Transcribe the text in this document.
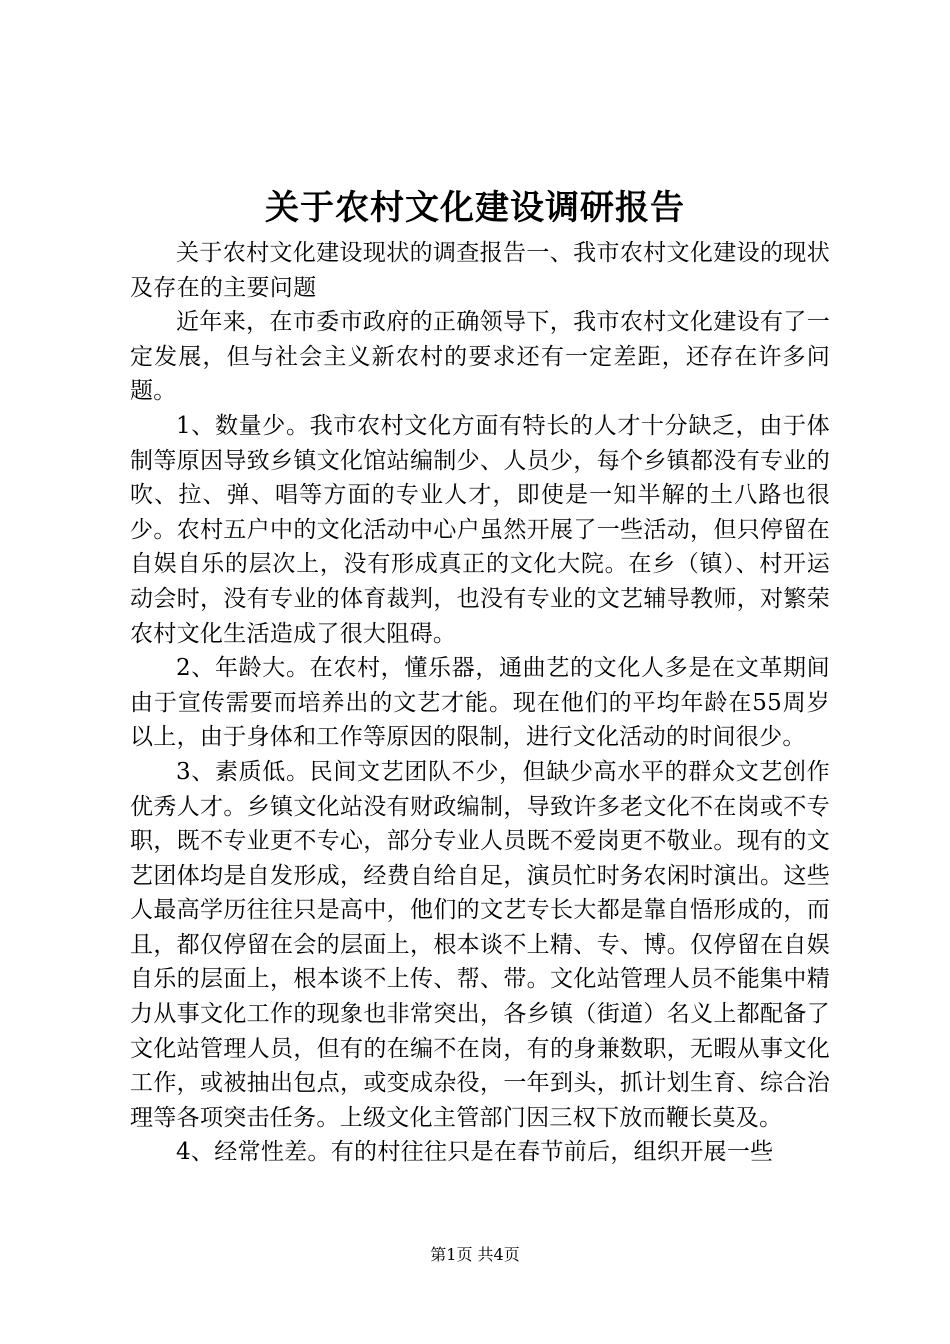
关于农村文化建设调研报告

关于农村文化建设现状的调查报告一、我市农村文化建设的现状及存在的主要问题

近年来，在市委市政府的正确领导下，我市农村文化建设有了一定发展，但与社会主义新农村的要求还有一定差距，还存在许多问题。

1、数量少。我市农村文化方面有特长的人才十分缺乏，由于体制等原因导致乡镇文化馆站编制少、人员少，每个乡镇都没有专业的吹、拉、弹、唱等方面的专业人才，即使是一知半解的土八路也很少。农村五户中的文化活动中心户虽然开展了一些活动，但只停留在自娱自乐的层次上，没有形成真正的文化大院。在乡（镇）、村开运动会时，没有专业的体育裁判，也没有专业的文艺辅导教师，对繁荣农村文化生活造成了很大阻碍。

2、年龄大。在农村，懂乐器，通曲艺的文化人多是在文革期间由于宣传需要而培养出的文艺才能。现在他们的平均年龄在55周岁以上，由于身体和工作等原因的限制，进行文化活动的时间很少。

3、素质低。民间文艺团队不少，但缺少高水平的群众文艺创作优秀人才。乡镇文化站没有财政编制，导致许多老文化不在岗或不专职，既不专业更不专心，部分专业人员既不爱岗更不敬业。现有的文艺团体均是自发形成，经费自给自足，演员忙时务农闲时演出。这些人最高学历往往只是高中，他们的文艺专长大都是靠自悟形成的，而且，都仅停留在会的层面上，根本谈不上精、专、博。仅停留在自娱自乐的层面上，根本谈不上传、帮、带。文化站管理人员不能集中精力从事文化工作的现象也非常突出，各乡镇（街道）名义上都配备了文化站管理人员，但有的在编不在岗，有的身兼数职，无暇从事文化工作，或被抽出包点，或变成杂役，一年到头，抓计划生育、综合治理等各项突击任务。上级文化主管部门因三权下放而鞭长莫及。

4、经常性差。有的村往往只是在春节前后，组织开展一些

第1页 共4页
